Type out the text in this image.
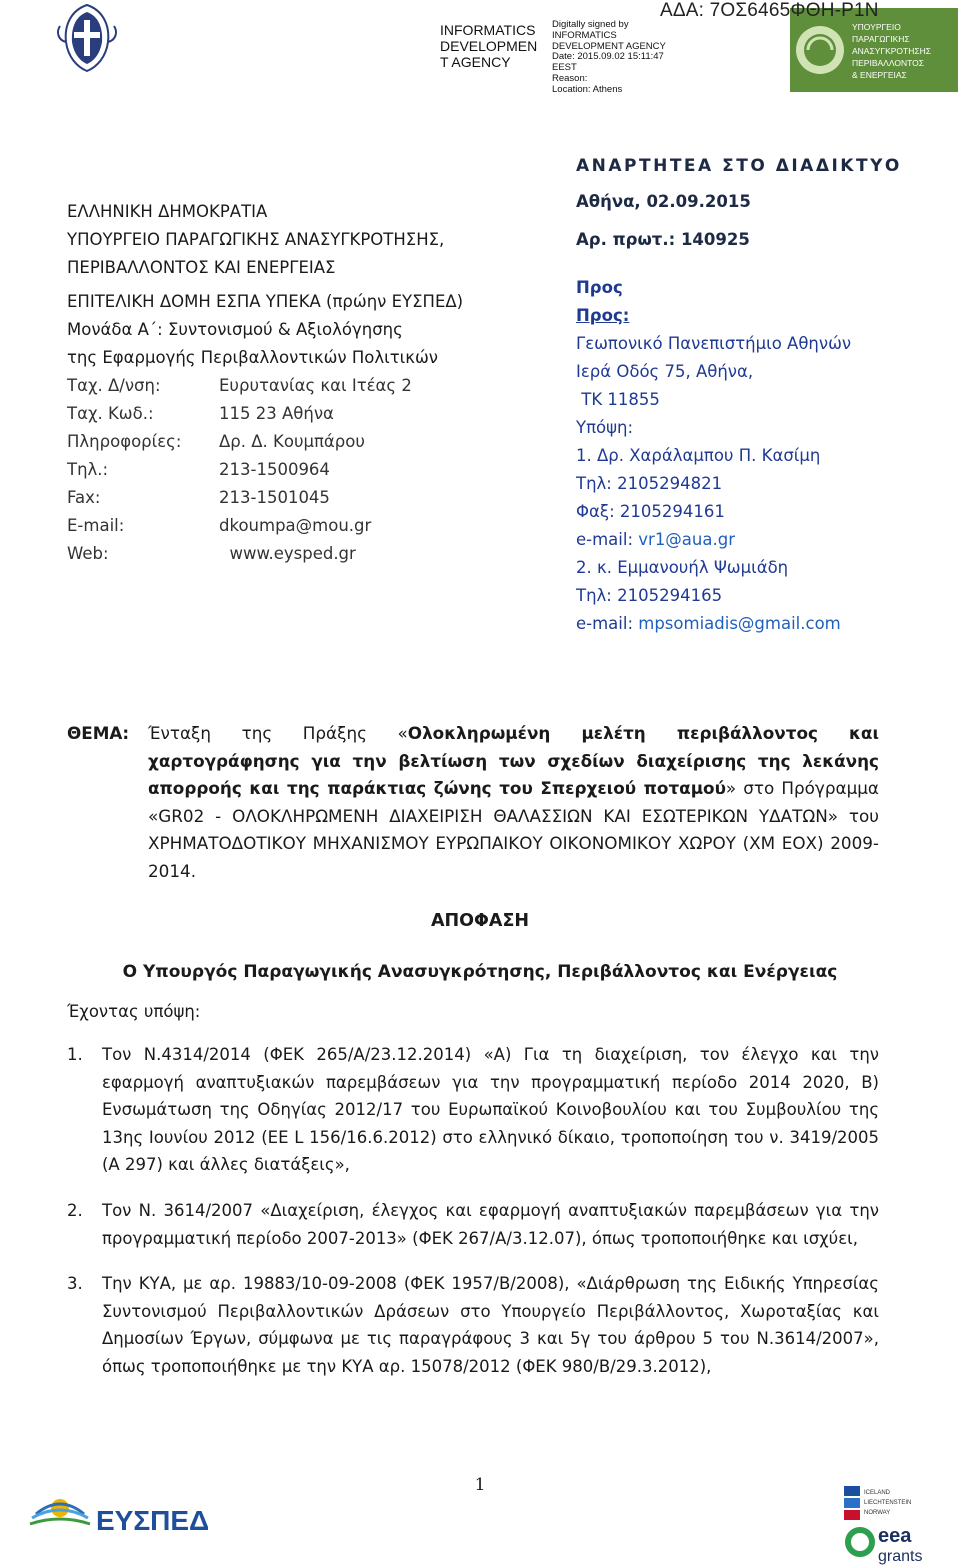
INFORMATICS
DEVELOPMEN
T AGENCY
Digitally signed by
INFORMATICS
DEVELOPMENT AGENCY
Date: 2015.09.02 15:11:47
EEST
Reason:
Location: Athens
ΥΠΟΥΡΓΕΙΟ
ΠΑΡΑΓΩΓΙΚΗΣ
ΑΝΑΣΥΓΚΡΟΤΗΣΗΣ
ΠΕΡΙΒΑΛΛΟΝΤΟΣ
& ΕΝΕΡΓΕΙΑΣ
ΑΔΑ: 7ΟΣ6465ΦΘΗ-Ρ1Ν
ΕΛΛΗΝΙΚΗ ΔΗΜΟΚΡΑΤΙΑ
ΥΠΟΥΡΓΕΙΟ ΠΑΡΑΓΩΓΙΚΗΣ ΑΝΑΣΥΓΚΡΟΤΗΣΗΣ,
ΠΕΡΙΒΑΛΛΟΝΤΟΣ ΚΑΙ ΕΝΕΡΓΕΙΑΣ
ΕΠΙΤΕΛΙΚΗ ΔΟΜΗ ΕΣΠΑ ΥΠΕΚΑ (πρώην ΕΥΣΠΕΔ)
Μονάδα Α΄: Συντονισμού & Αξιολόγησης
της Εφαρμογής Περιβαλλοντικών Πολιτικών
Ταχ. Δ/νση:	Ευρυτανίας και Ιτέας 2
Ταχ. Κωδ.:	115 23 Αθήνα
Πληροφορίες:	Δρ. Δ. Κουμπάρου
Τηλ.:	213-1500964
Fax:	213-1501045
E-mail:	dkoumpa@mou.gr
Web:	www.eysped.gr
ΑΝΑΡΤΗΤΕΑ ΣΤΟ ΔΙΑΔΙΚΤΥΟ
Αθήνα, 02.09.2015
Αρ. πρωτ.: 140925
Προς
Προς:
Γεωπονικό Πανεπιστήμιο Αθηνών
Ιερά Οδός 75, Αθήνα,
ΤΚ 11855
Υπόψη:
1. Δρ. Χαράλαμπου Π. Κασίμη
Τηλ: 2105294821
Φαξ: 2105294161
e-mail: vr1@aua.gr
2. κ. Εμμανουήλ Ψωμιάδη
Τηλ: 2105294165
e-mail: mpsomiadis@gmail.com
ΘΕΜΑ: Ένταξη της Πράξης «Ολοκληρωμένη μελέτη περιβάλλοντος και χαρτογράφησης για την βελτίωση των σχεδίων διαχείρισης της λεκάνης απορροής και της παράκτιας ζώνης του Σπερχειού ποταμού» στο Πρόγραμμα «GR02 - ΟΛΟΚΛΗΡΩΜΕΝΗ ΔΙΑΧΕΙΡΙΣΗ ΘΑΛΑΣΣΙΩΝ ΚΑΙ ΕΣΩΤΕΡΙΚΩΝ ΥΔΑΤΩΝ» του ΧΡΗΜΑΤΟΔΟΤΙΚΟΥ ΜΗΧΑΝΙΣΜΟΥ ΕΥΡΩΠΑΙΚΟΥ ΟΙΚΟΝΟΜΙΚΟΥ ΧΩΡΟΥ (ΧΜ ΕΟΧ) 2009-2014.
ΑΠΟΦΑΣΗ
Ο Υπουργός Παραγωγικής Ανασυγκρότησης, Περιβάλλοντος και Ενέργειας
Έχοντας υπόψη:
1.	Τον Ν.4314/2014 (ΦΕΚ 265/Α/23.12.2014) «Α) Για τη διαχείριση, τον έλεγχο και την εφαρμογή αναπτυξιακών παρεμβάσεων για την προγραμματική περίοδο 2014 2020, Β) Ενσωμάτωση της Οδηγίας 2012/17 του Ευρωπαϊκού Κοινοβουλίου και του Συμβουλίου της 13ης Ιουνίου 2012 (ΕΕ L 156/16.6.2012) στο ελληνικό δίκαιο, τροποποίηση του ν. 3419/2005 (Α 297) και άλλες διατάξεις»,
2.	Τον Ν. 3614/2007 «Διαχείριση, έλεγχος και εφαρμογή αναπτυξιακών παρεμβάσεων για την προγραμματική περίοδο 2007-2013» (ΦΕΚ 267/Α/3.12.07), όπως τροποποιήθηκε και ισχύει,
3.	Την ΚΥΑ, με αρ. 19883/10-09-2008 (ΦΕΚ 1957/Β/2008), «Διάρθρωση της Ειδικής Υπηρεσίας Συντονισμού Περιβαλλοντικών Δράσεων στο Υπουργείο Περιβάλλοντος, Χωροταξίας και Δημοσίων Έργων, σύμφωνα με τις παραγράφους 3 και 5γ του άρθρου 5 του Ν.3614/2007», όπως τροποποιήθηκε με την ΚΥΑ αρ. 15078/2012 (ΦΕΚ 980/Β/29.3.2012),
1
ΕΥΣΠΕΔ
ICELAND
LIECHTENSTEIN
NORWAY
eea
grants
